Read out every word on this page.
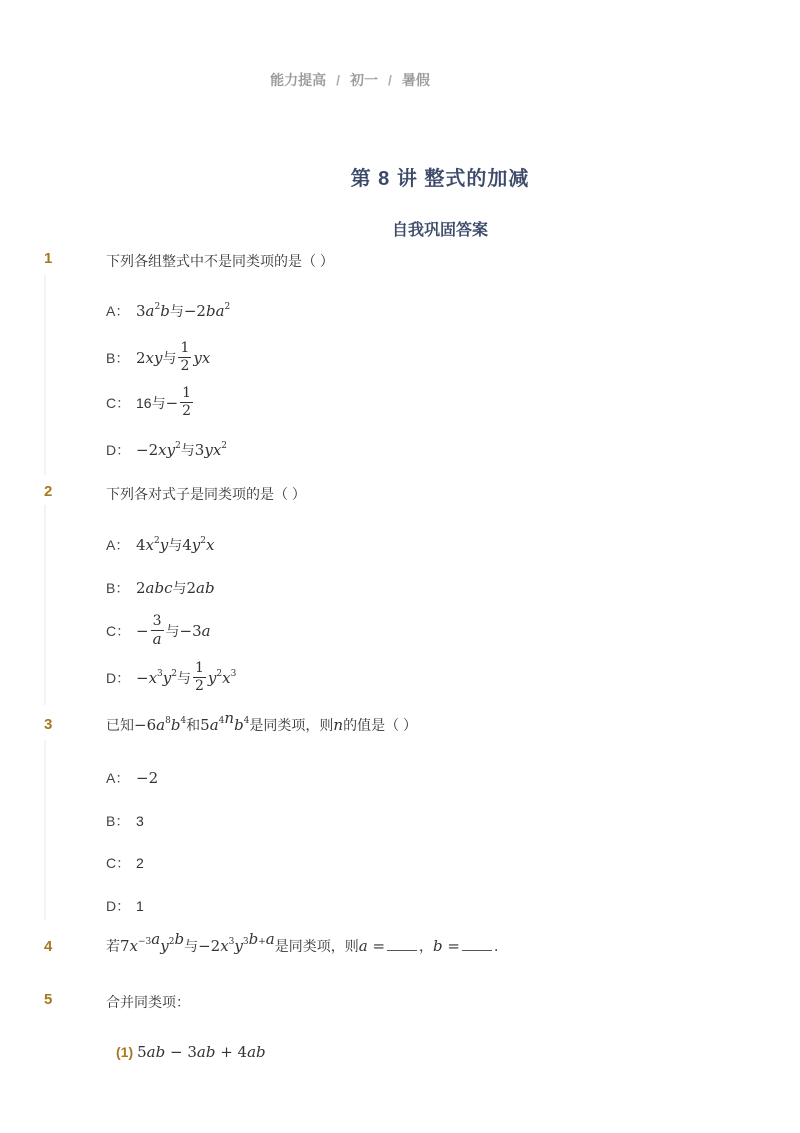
能力提高 / 初一 / 暑假
第 8 讲 整式的加减
自我巩固答案
1	下列各组整式中不是同类项的是（ ）
A： $3a^2b$ 与 $-2ba^2$
B： 2xy 与 $\frac{1}{2}$ yx
C： 16 与 − $\frac{1}{2}$
D： $-2xy^2$ 与 $3yx^2$
2	下列各对式子是同类项的是（ ）
A： $4x^2y$ 与 $4y^2x$
B： 2abc 与 2ab
C： − $\frac{3}{a}$ 与 −3a
D： $-x^3y^2$ 与 $\frac{1}{2} y^2x^3$
3	已知$-6a^8b^4$和$5a^{4n}b^4$是同类项，则n的值是（ ）
A： −2
B： 3
C： 2
D： 1
4	若$7x^{-3a}y^{2b}$与$-2x^3y^{3b+a}$是同类项，则a = ，b = ．
5	合并同类项：
(1) 5ab − 3ab + 4ab
